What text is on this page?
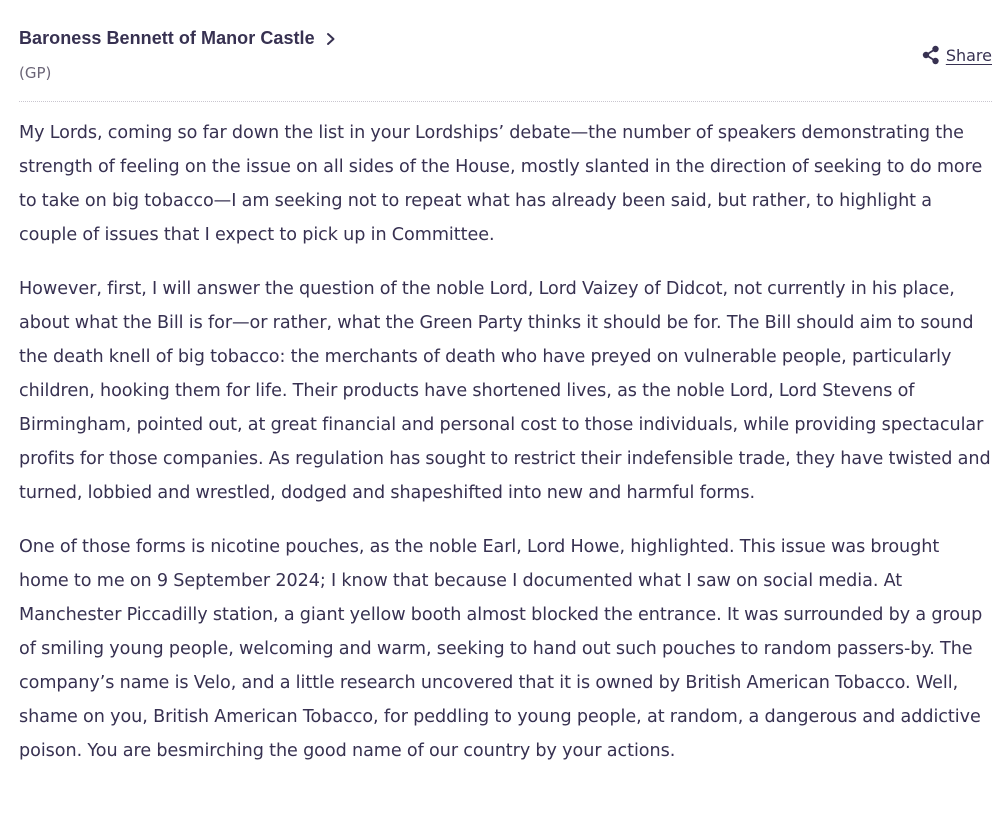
Baroness Bennett of Manor Castle
(GP)
Share

My Lords, coming so far down the list in your Lordships’ debate—the number of speakers demonstrating the strength of feeling on the issue on all sides of the House, mostly slanted in the direction of seeking to do more to take on big tobacco—I am seeking not to repeat what has already been said, but rather, to highlight a couple of issues that I expect to pick up in Committee.

However, first, I will answer the question of the noble Lord, Lord Vaizey of Didcot, not currently in his place, about what the Bill is for—or rather, what the Green Party thinks it should be for. The Bill should aim to sound the death knell of big tobacco: the merchants of death who have preyed on vulnerable people, particularly children, hooking them for life. Their products have shortened lives, as the noble Lord, Lord Stevens of Birmingham, pointed out, at great financial and personal cost to those individuals, while providing spectacular profits for those companies. As regulation has sought to restrict their indefensible trade, they have twisted and turned, lobbied and wrestled, dodged and shapeshifted into new and harmful forms.

One of those forms is nicotine pouches, as the noble Earl, Lord Howe, highlighted. This issue was brought home to me on 9 September 2024; I know that because I documented what I saw on social media. At Manchester Piccadilly station, a giant yellow booth almost blocked the entrance. It was surrounded by a group of smiling young people, welcoming and warm, seeking to hand out such pouches to random passers-by. The company’s name is Velo, and a little research uncovered that it is owned by British American Tobacco. Well, shame on you, British American Tobacco, for peddling to young people, at random, a dangerous and addictive poison. You are besmirching the good name of our country by your actions.
